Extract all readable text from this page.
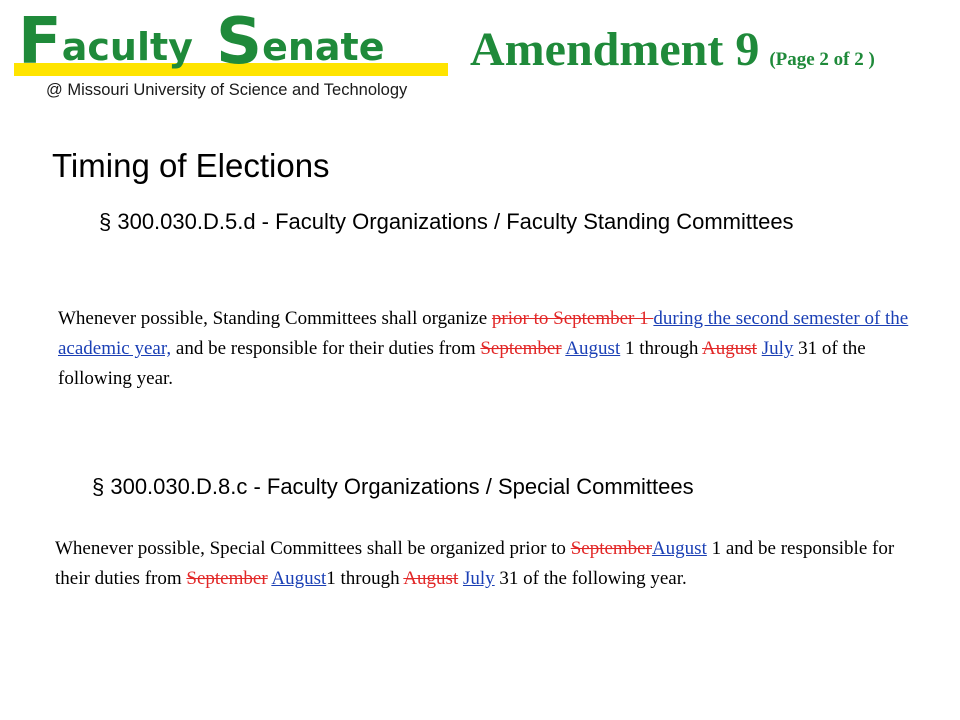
Faculty Senate
@ Missouri University of Science and Technology
Amendment 9 (Page 2 of 2 )
Timing of Elections
§ 300.030.D.5.d - Faculty Organizations / Faculty Standing Committees
Whenever possible, Standing Committees shall organize prior to September 1 during the second semester of the academic year, and be responsible for their duties from September August 1 through August July 31 of the following year.
§ 300.030.D.8.c - Faculty Organizations / Special Committees
Whenever possible, Special Committees shall be organized prior to SeptemberAugust 1 and be responsible for their duties from September August1 through August July 31 of the following year.
